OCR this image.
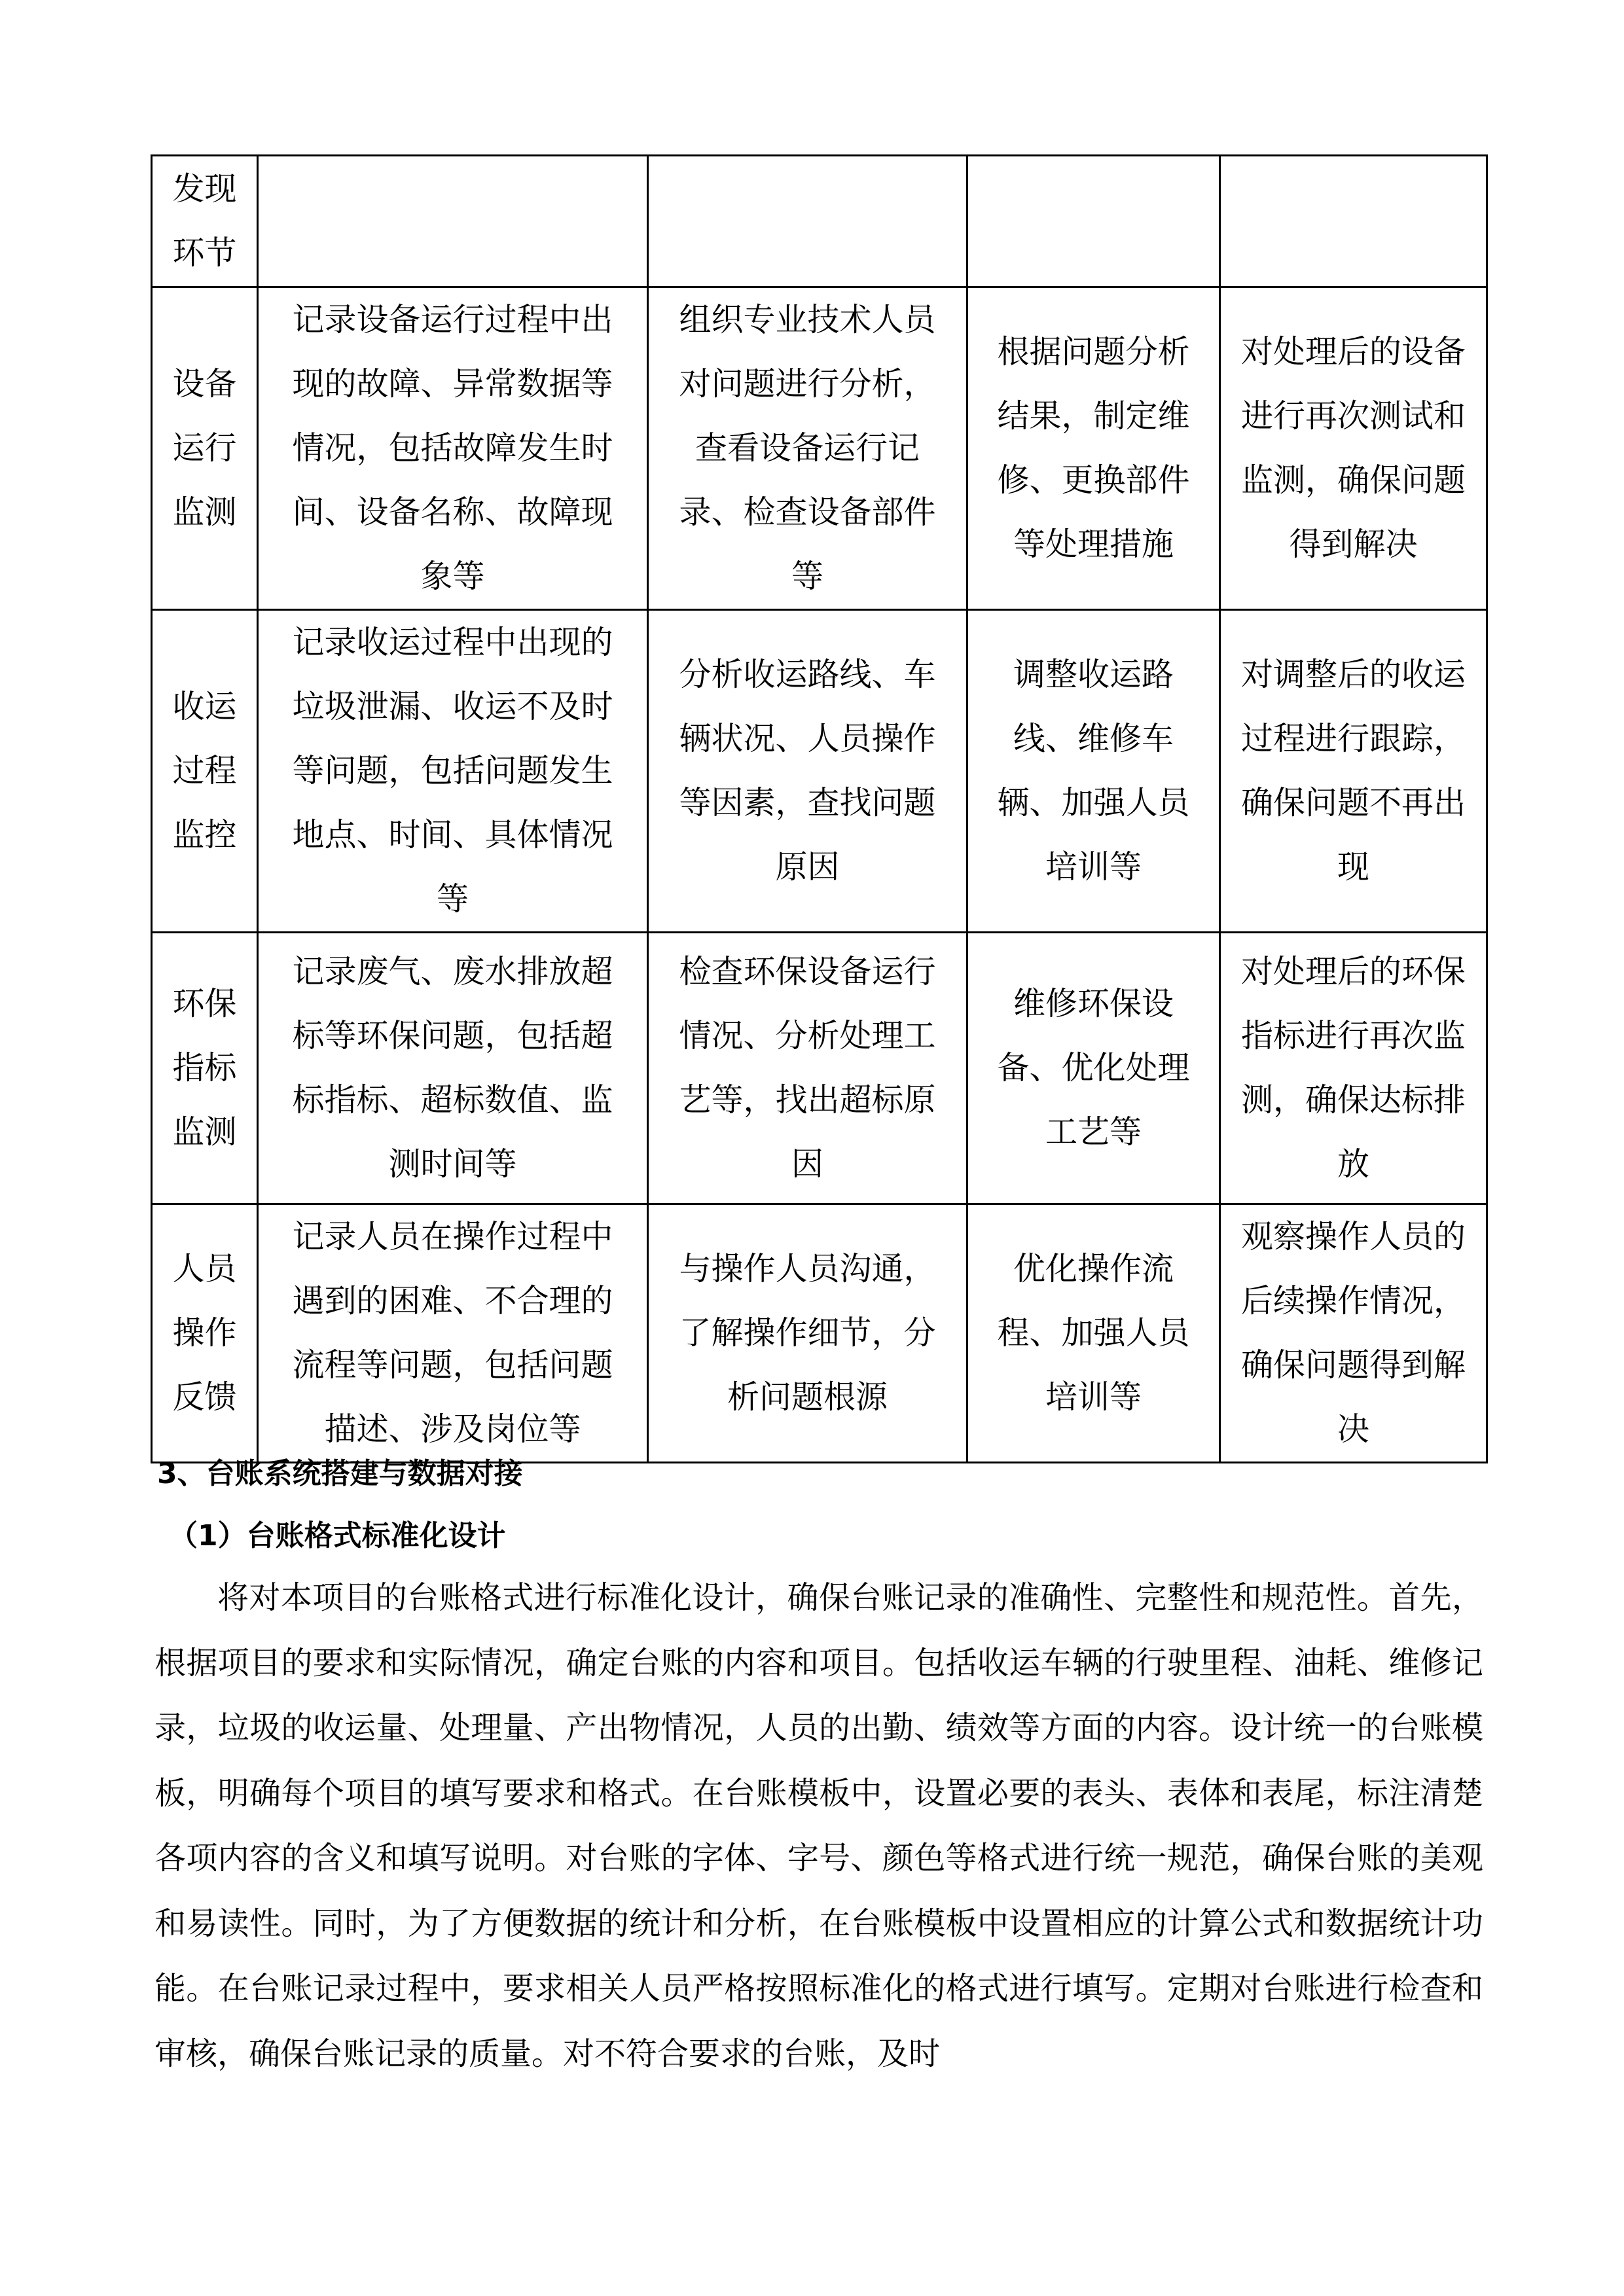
发现环节				
设备运行监测	记录设备运行过程中出现的故障、异常数据等情况，包括故障发生时间、设备名称、故障现象等	组织专业技术人员对问题进行分析，查看设备运行记录、检查设备部件等	根据问题分析结果，制定维修、更换部件等处理措施	对处理后的设备进行再次测试和监测，确保问题得到解决
收运过程监控	记录收运过程中出现的垃圾泄漏、收运不及时等问题，包括问题发生地点、时间、具体情况等	分析收运路线、车辆状况、人员操作等因素，查找问题原因	调整收运路线、维修车辆、加强人员培训等	对调整后的收运过程进行跟踪，确保问题不再出现
环保指标监测	记录废气、废水排放超标等环保问题，包括超标指标、超标数值、监测时间等	检查环保设备运行情况、分析处理工艺等，找出超标原因	维修环保设备、优化处理工艺等	对处理后的环保指标进行再次监测，确保达标排放
人员操作反馈	记录人员在操作过程中遇到的困难、不合理的流程等问题，包括问题描述、涉及岗位等	与操作人员沟通，了解操作细节，分析问题根源	优化操作流程、加强人员培训等	观察操作人员的后续操作情况，确保问题得到解决
3、台账系统搭建与数据对接
（1）台账格式标准化设计
将对本项目的台账格式进行标准化设计，确保台账记录的准确性、完整性和规范性。首先，根据项目的要求和实际情况，确定台账的内容和项目。包括收运车辆的行驶里程、油耗、维修记录，垃圾的收运量、处理量、产出物情况，人员的出勤、绩效等方面的内容。设计统一的台账模板，明确每个项目的填写要求和格式。在台账模板中，设置必要的表头、表体和表尾，标注清楚各项内容的含义和填写说明。对台账的字体、字号、颜色等格式进行统一规范，确保台账的美观和易读性。同时，为了方便数据的统计和分析，在台账模板中设置相应的计算公式和数据统计功能。在台账记录过程中，要求相关人员严格按照标准化的格式进行填写。定期对台账进行检查和审核，确保台账记录的质量。对不符合要求的台账，及时
